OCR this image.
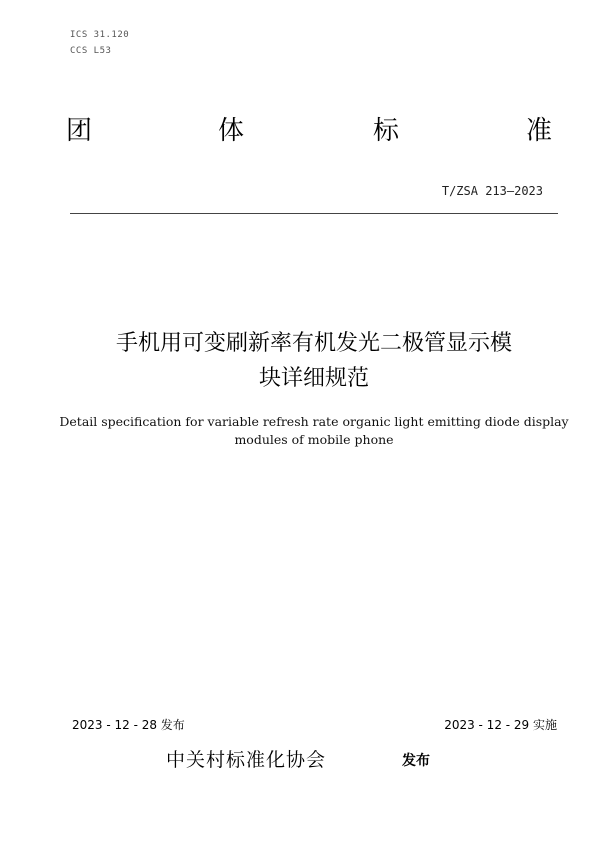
ICS 31.120
CCS L53
团	体	标	准
T/ZSA 213—2023
手机用可变刷新率有机发光二极管显示模
块详细规范
Detail specification for variable refresh rate organic light emitting diode display
modules of mobile phone
2023 - 12 - 28 发布	2023 - 12 - 29 实施
中关村标准化协会	发布
